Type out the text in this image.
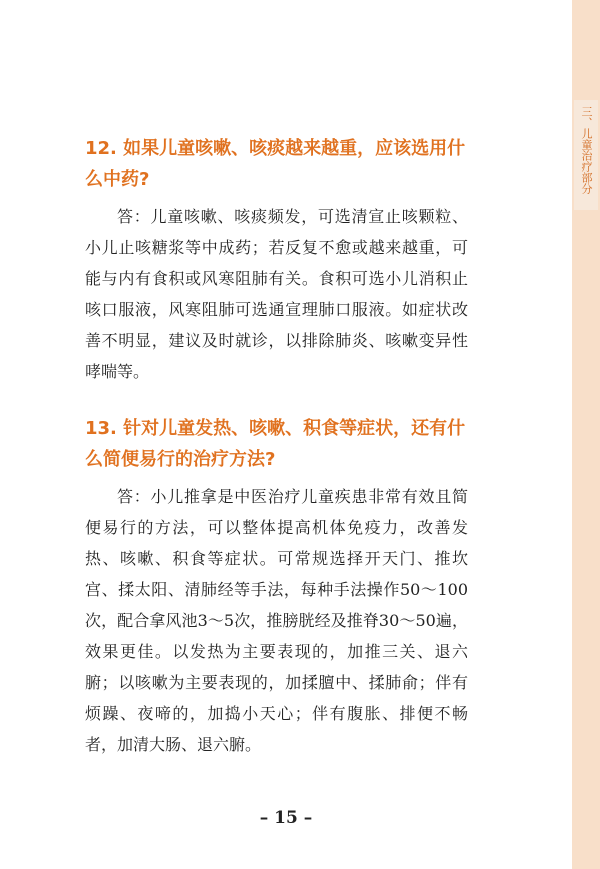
三、儿童治疗部分
12. 如果儿童咳嗽、咳痰越来越重，应该选用什么中药?

答：儿童咳嗽、咳痰频发，可选清宣止咳颗粒、小儿止咳糖浆等中成药；若反复不愈或越来越重，可能与内有食积或风寒阻肺有关。食积可选小儿消积止咳口服液，风寒阻肺可选通宣理肺口服液。如症状改善不明显，建议及时就诊，以排除肺炎、咳嗽变异性哮喘等。

13. 针对儿童发热、咳嗽、积食等症状，还有什么简便易行的治疗方法?

答：小儿推拿是中医治疗儿童疾患非常有效且简便易行的方法，可以整体提高机体免疫力，改善发热、咳嗽、积食等症状。可常规选择开天门、推坎宫、揉太阳、清肺经等手法，每种手法操作50～100次，配合拿风池3～5次，推膀胱经及推脊30～50遍，效果更佳。以发热为主要表现的，加推三关、退六腑；以咳嗽为主要表现的，加揉膻中、揉肺俞；伴有烦躁、夜啼的，加捣小天心；伴有腹胀、排便不畅者，加清大肠、退六腑。

– 15 –
